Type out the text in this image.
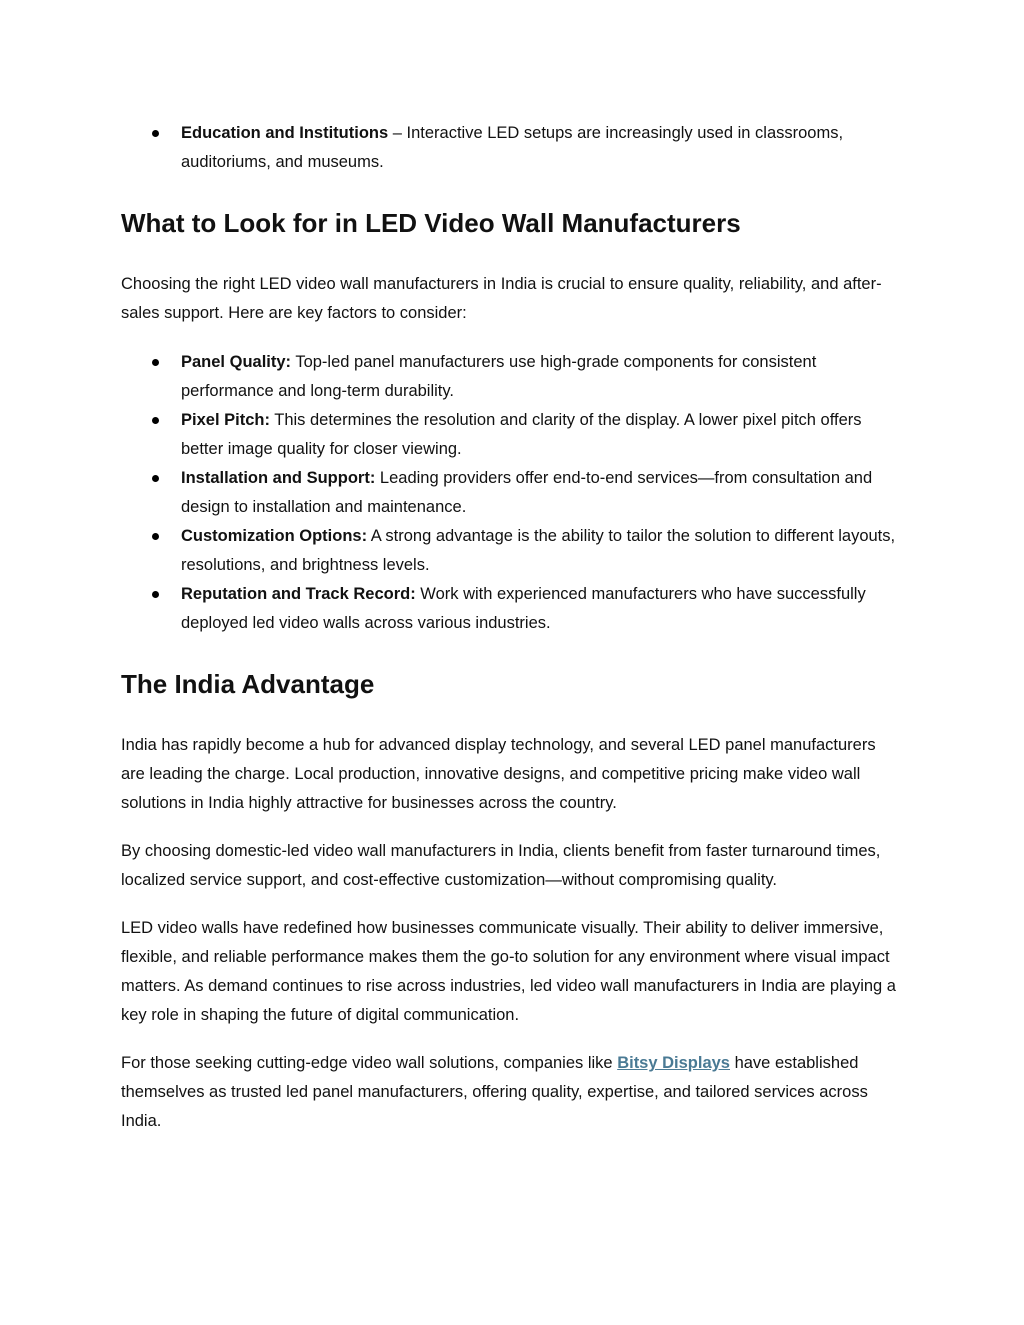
Education and Institutions – Interactive LED setups are increasingly used in classrooms, auditoriums, and museums.
What to Look for in LED Video Wall Manufacturers

Choosing the right LED video wall manufacturers in India is crucial to ensure quality, reliability, and after-sales support. Here are key factors to consider:

Panel Quality: Top-led panel manufacturers use high-grade components for consistent performance and long-term durability.
Pixel Pitch: This determines the resolution and clarity of the display. A lower pixel pitch offers better image quality for closer viewing.
Installation and Support: Leading providers offer end-to-end services—from consultation and design to installation and maintenance.
Customization Options: A strong advantage is the ability to tailor the solution to different layouts, resolutions, and brightness levels.
Reputation and Track Record: Work with experienced manufacturers who have successfully deployed led video walls across various industries.
The India Advantage

India has rapidly become a hub for advanced display technology, and several LED panel manufacturers are leading the charge. Local production, innovative designs, and competitive pricing make video wall solutions in India highly attractive for businesses across the country.

By choosing domestic-led video wall manufacturers in India, clients benefit from faster turnaround times, localized service support, and cost-effective customization—without compromising quality.

LED video walls have redefined how businesses communicate visually. Their ability to deliver immersive, flexible, and reliable performance makes them the go-to solution for any environment where visual impact matters. As demand continues to rise across industries, led video wall manufacturers in India are playing a key role in shaping the future of digital communication.

For those seeking cutting-edge video wall solutions, companies like Bitsy Displays have established themselves as trusted led panel manufacturers, offering quality, expertise, and tailored services across India.
